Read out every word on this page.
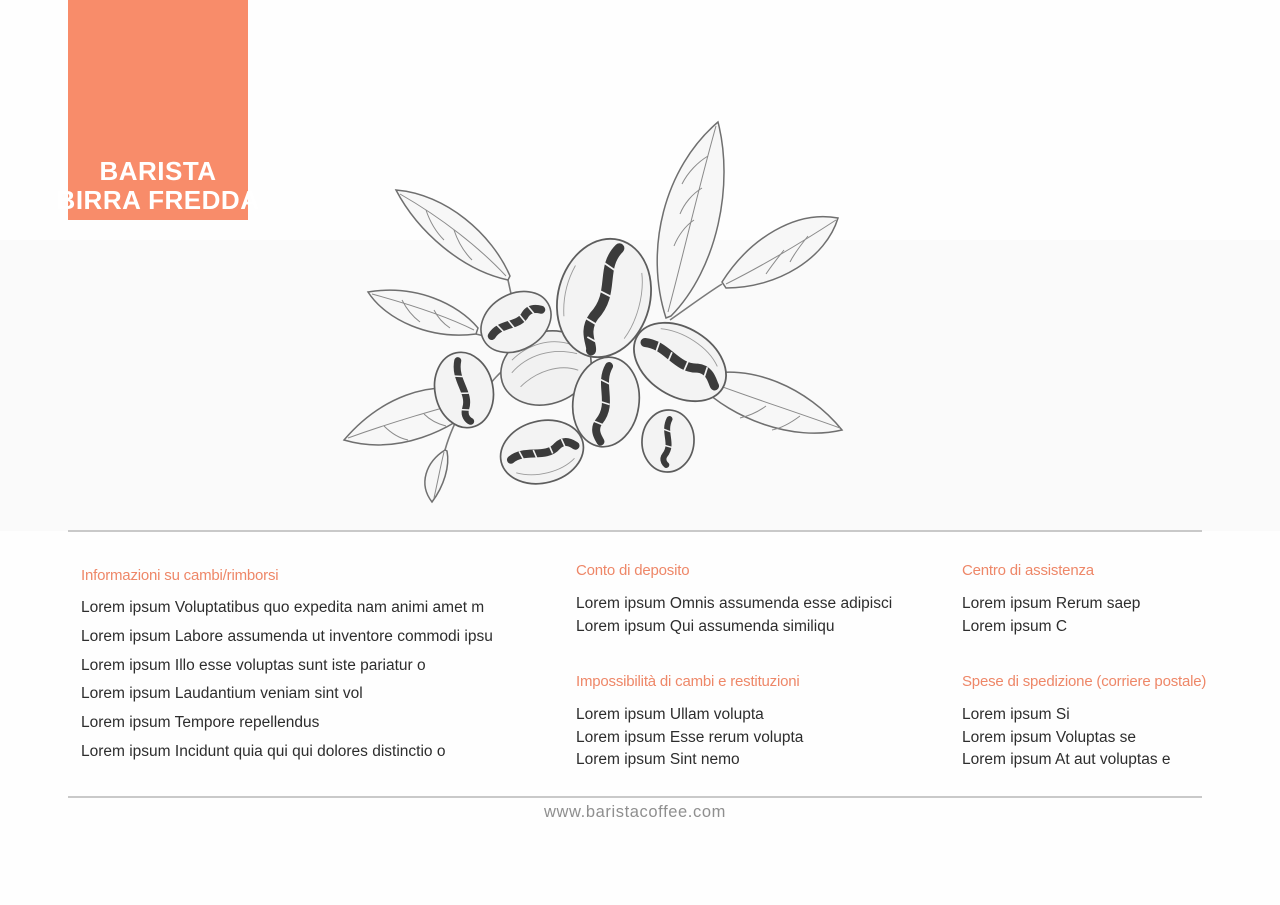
BARISTA
BIRRA FREDDA
Informazioni su cambi/rimborsi
Lorem ipsum Voluptatibus quo expedita nam animi amet m
Lorem ipsum Labore assumenda ut inventore commodi ipsu
Lorem ipsum Illo esse voluptas sunt iste pariatur o
Lorem ipsum Laudantium veniam sint vol
Lorem ipsum Tempore repellendus
Lorem ipsum Incidunt quia qui qui dolores distinctio o
Conto di deposito
Lorem ipsum Omnis assumenda esse adipisci
Lorem ipsum Qui assumenda similiqu
Impossibilità di cambi e restituzioni
Lorem ipsum Ullam volupta
Lorem ipsum Esse rerum volupta
Lorem ipsum Sint nemo
Centro di assistenza
Lorem ipsum Rerum saep
Lorem ipsum C
Spese di spedizione (corriere postale)
Lorem ipsum Si
Lorem ipsum Voluptas se
Lorem ipsum At aut voluptas e
www.baristacoffee.com
